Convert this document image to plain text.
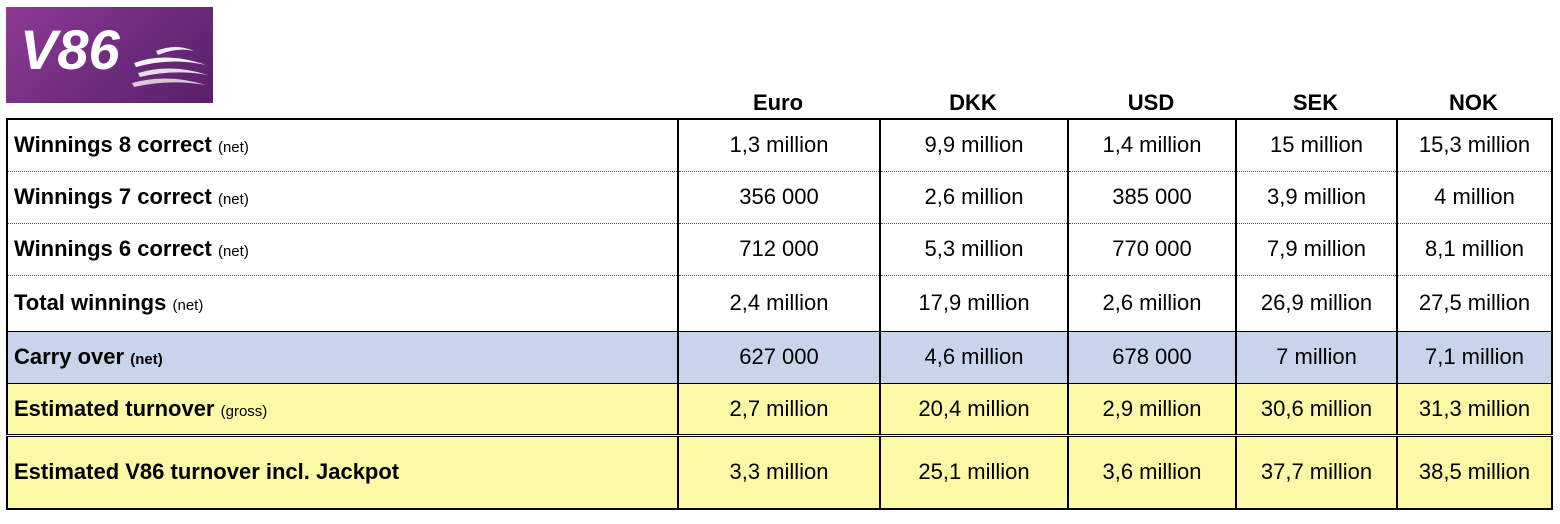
V86
Euro	DKK	USD	SEK	NOK
Winnings 8 correct (net)	1,3 million	9,9 million	1,4 million	15 million	15,3 million
Winnings 7 correct (net)	356 000	2,6 million	385 000	3,9 million	4 million
Winnings 6 correct (net)	712 000	5,3 million	770 000	7,9 million	8,1 million
Total winnings (net)	2,4 million	17,9 million	2,6 million	26,9 million	27,5 million
Carry over (net)	627 000	4,6 million	678 000	7 million	7,1 million
Estimated turnover (gross)	2,7 million	20,4 million	2,9 million	30,6 million	31,3 million
Estimated V86 turnover incl. Jackpot	3,3 million	25,1 million	3,6 million	37,7 million	38,5 million
